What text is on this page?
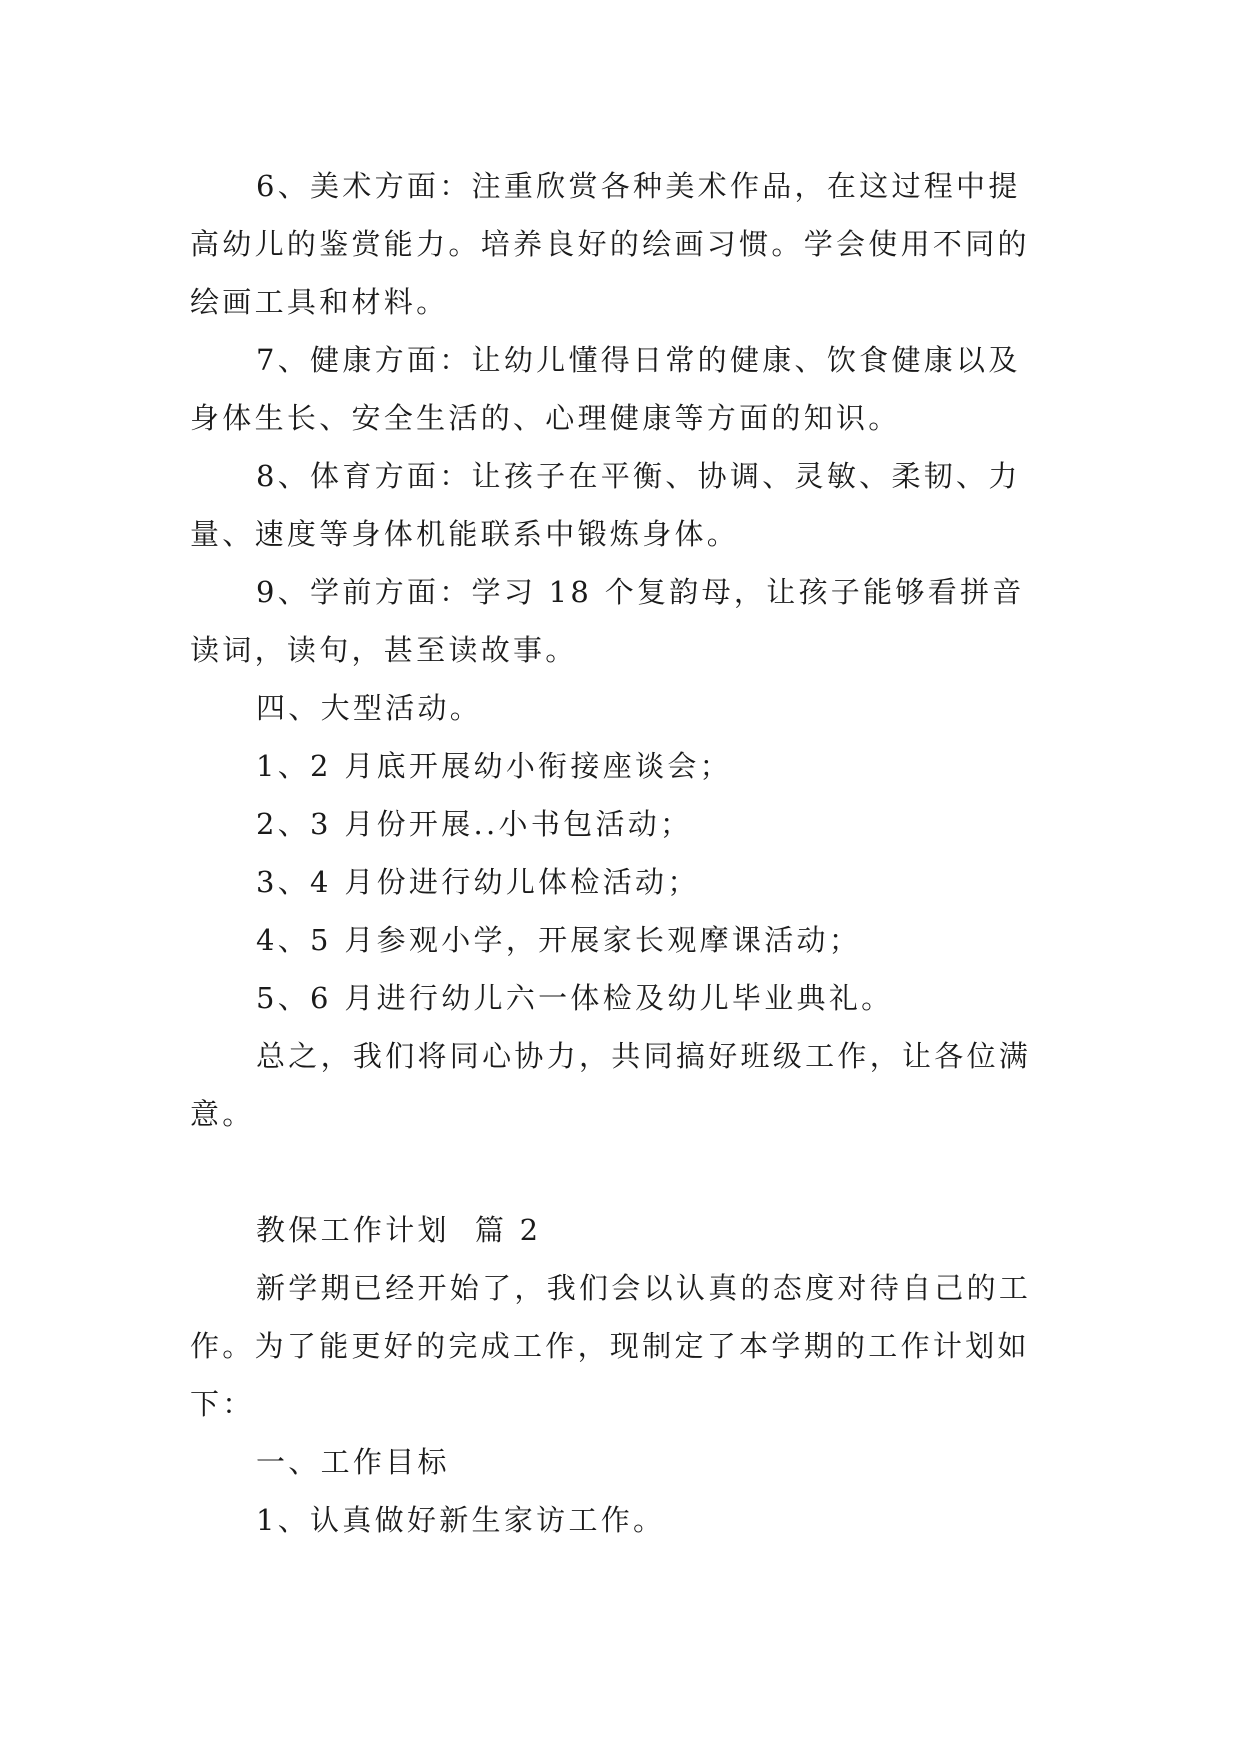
6、美术方面：注重欣赏各种美术作品，在这过程中提高幼儿的鉴赏能力。培养良好的绘画习惯。学会使用不同的绘画工具和材料。

7、健康方面：让幼儿懂得日常的健康、饮食健康以及身体生长、安全生活的、心理健康等方面的知识。

8、体育方面：让孩子在平衡、协调、灵敏、柔韧、力量、速度等身体机能联系中锻炼身体。

9、学前方面：学习 18 个复韵母，让孩子能够看拼音读词，读句，甚至读故事。

四、大型活动。

1、2 月底开展幼小衔接座谈会；

2、3 月份开展..小书包活动；

3、4 月份进行幼儿体检活动；

4、5 月参观小学，开展家长观摩课活动；

5、6 月进行幼儿六一体检及幼儿毕业典礼。

总之，我们将同心协力，共同搞好班级工作，让各位满意。

教保工作计划  篇 2

新学期已经开始了，我们会以认真的态度对待自己的工作。为了能更好的完成工作，现制定了本学期的工作计划如下：

一、工作目标

1、认真做好新生家访工作。
